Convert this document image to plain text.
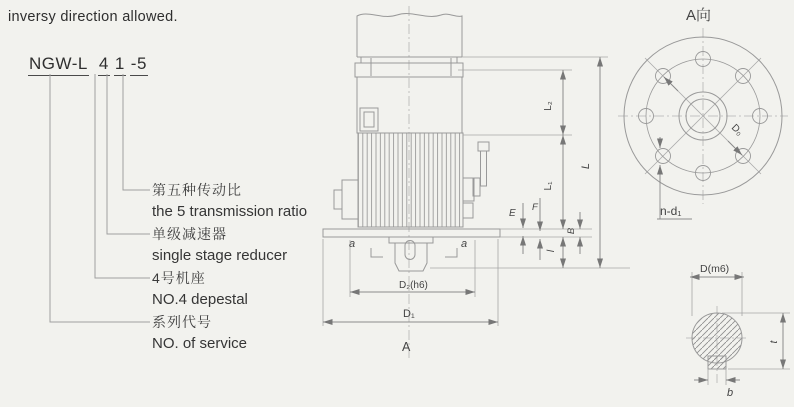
inversy direction allowed.
NGW-L 4 1 -5
第五种传动比
the 5 transmission ratio
单级减速器
single stage reducer
4号机座
NO.4 depestal
系列代号
NO. of service
D₂(h6)
D₁
A
a	a
L₂
L₁
L
E
F
B
l
A向
D₀
n-d₁
D(m6)
t
b
